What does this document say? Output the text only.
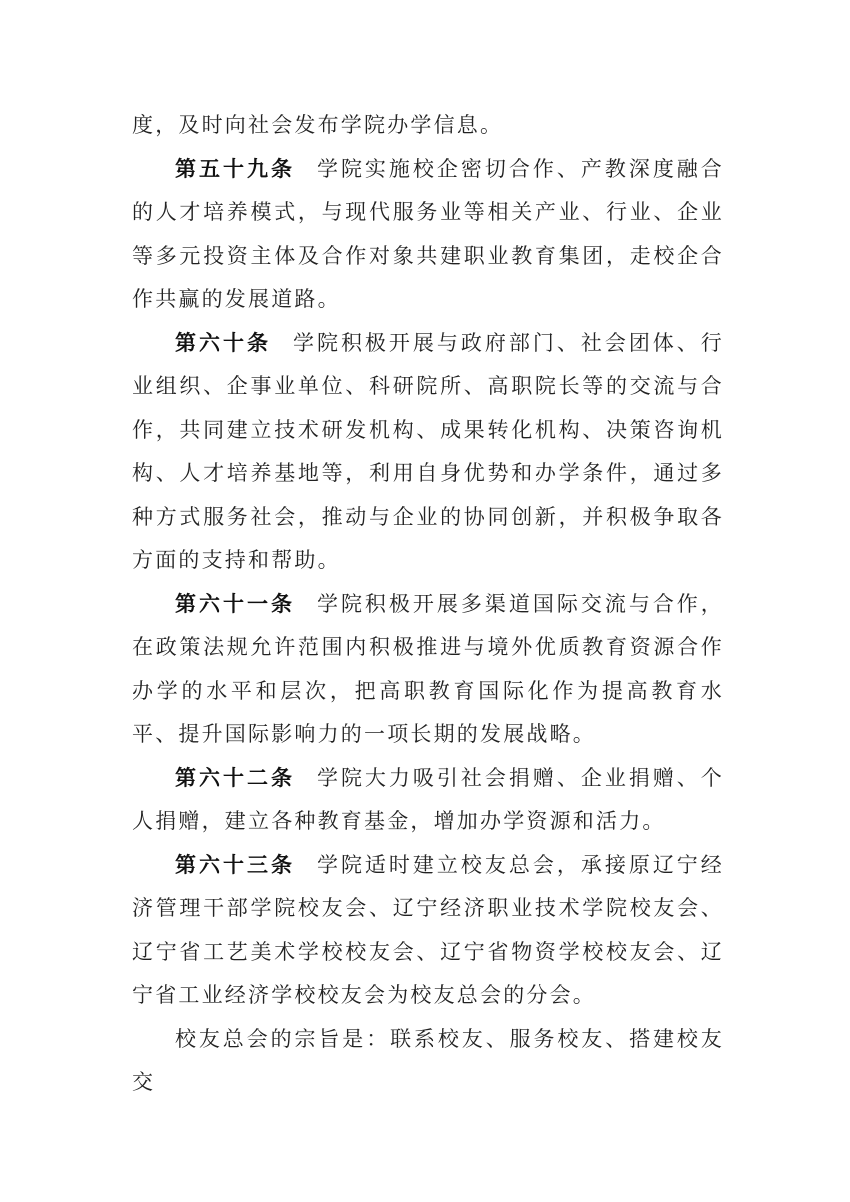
度，及时向社会发布学院办学信息。

第五十九条 学院实施校企密切合作、产教深度融合的人才培养模式，与现代服务业等相关产业、行业、企业等多元投资主体及合作对象共建职业教育集团，走校企合作共赢的发展道路。

第六十条 学院积极开展与政府部门、社会团体、行业组织、企事业单位、科研院所、高职院长等的交流与合作，共同建立技术研发机构、成果转化机构、决策咨询机构、人才培养基地等，利用自身优势和办学条件，通过多种方式服务社会，推动与企业的协同创新，并积极争取各方面的支持和帮助。

第六十一条 学院积极开展多渠道国际交流与合作，在政策法规允许范围内积极推进与境外优质教育资源合作办学的水平和层次，把高职教育国际化作为提高教育水平、提升国际影响力的一项长期的发展战略。

第六十二条 学院大力吸引社会捐赠、企业捐赠、个人捐赠，建立各种教育基金，增加办学资源和活力。

第六十三条 学院适时建立校友总会，承接原辽宁经济管理干部学院校友会、辽宁经济职业技术学院校友会、辽宁省工艺美术学校校友会、辽宁省物资学校校友会、辽宁省工业经济学校校友会为校友总会的分会。

校友总会的宗旨是：联系校友、服务校友、搭建校友交
